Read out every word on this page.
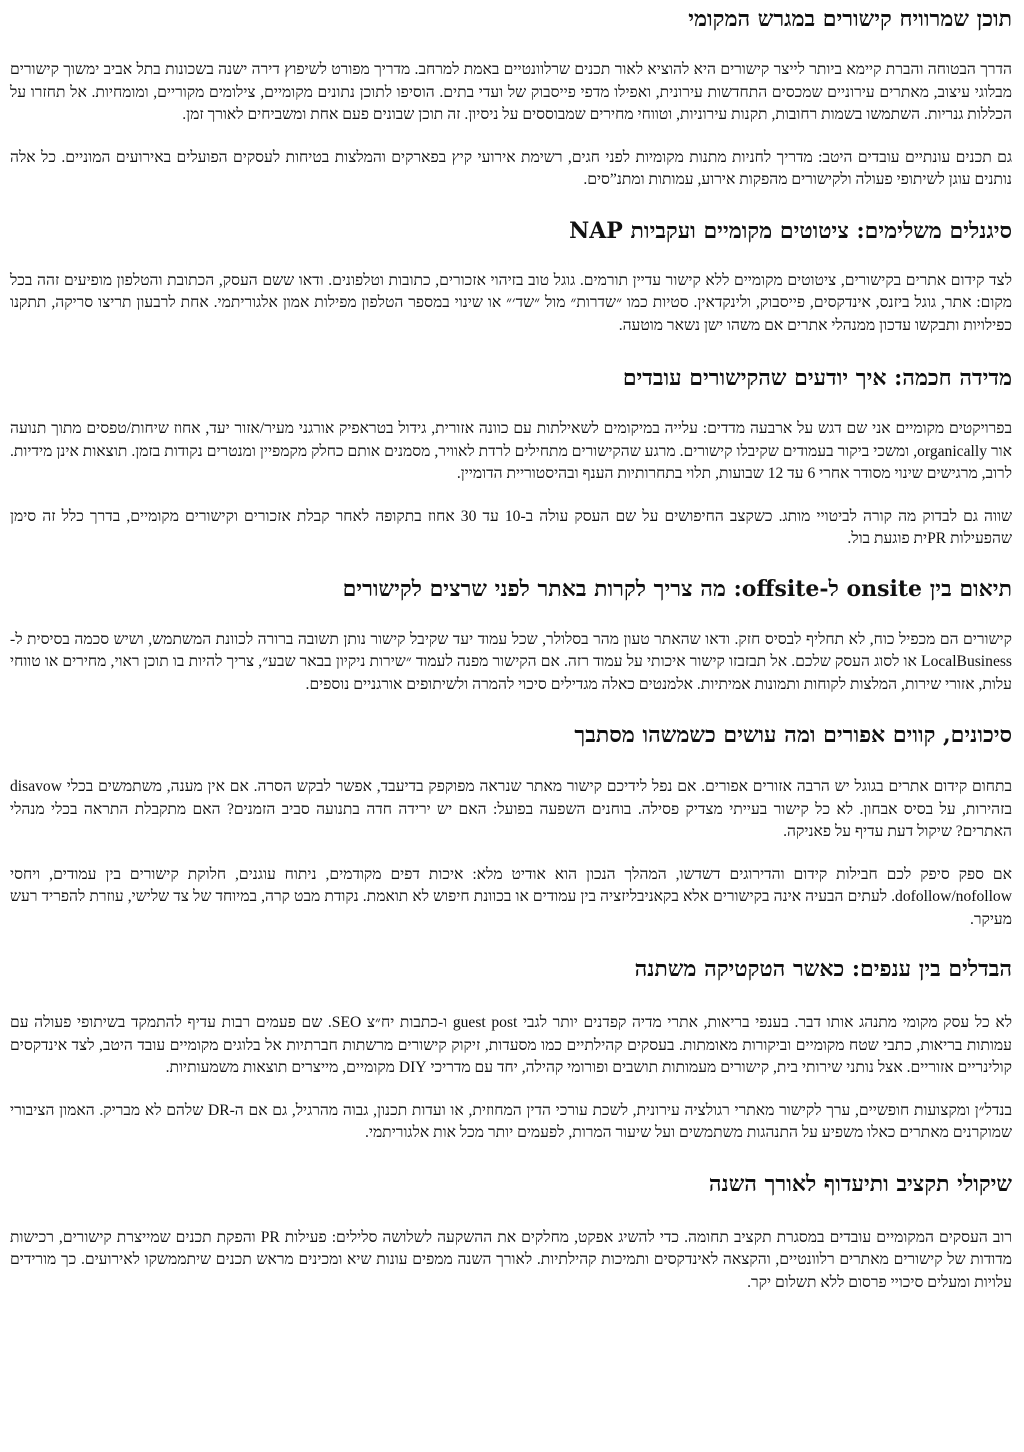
תוכן שמרוויח קישורים במגרש המקומי

הדרך הבטוחה והברת קיימא ביותר לייצר קישורים היא להוציא לאור תכנים שרלוונטיים באמת למרחב. מדריך מפורט לשיפוץ דירה ישנה בשכונות בתל אביב ימשוך קישורים מבלוגי עיצוב, מאתרים עירוניים שמכסים התחדשות עירונית, ואפילו מדפי פייסבוק של ועדי בתים. הוסיפו לתוכן נתונים מקומיים, צילומים מקוריים, ומומחיות. אל תחזרו על הכללות גנריות. השתמשו בשמות רחובות, תקנות עירוניות, וטווחי מחירים שמבוססים על ניסיון. זה תוכן שבונים פעם אחת ומשביחים לאורך זמן.

גם תכנים עונתיים עובדים היטב: מדריך לחניות מתנות מקומיות לפני חגים, רשימת אירועי קיץ בפארקים והמלצות בטיחות לעסקים הפועלים באירועים המוניים. כל אלה נותנים עוגן לשיתופי פעולה ולקישורים מהפקות אירוע, עמותות ומתנ”סים.

סיגנלים משלימים: ציטוטים מקומיים ועקביות NAP

לצד קידום אתרים בקישורים, ציטוטים מקומיים ללא קישור עדיין תורמים. גוגל טוב בזיהוי אזכורים, כתובות וטלפונים. ודאו ששם העסק, הכתובת והטלפון מופיעים זהה בכל מקום: אתר, גוגל ביזנס, אינדקסים, פייסבוק, ולינקדאין. סטיות כמו ״שדרות״ מול ״שד׳״ או שינוי במספר הטלפון מפילות אמון אלגוריתמי. אחת לרבעון תריצו סריקה, תתקנו כפילויות ותבקשו עדכון ממנהלי אתרים אם משהו ישן נשאר מוטעה.

מדידה חכמה: איך יודעים שהקישורים עובדים

בפרויקטים מקומיים אני שם דגש על ארבעה מדדים: עלייה במיקומים לשאילתות עם כוונה אזורית, גידול בטראפיק אורגני מעיר/אזור יעד, אחוז שיחות/טפסים מתוך תנועה אור organically, ומשכי ביקור בעמודים שקיבלו קישורים. מרגע שהקישורים מתחילים לרדת לאוויר, מסמנים אותם כחלק מקמפיין ומנטרים נקודות בזמן. תוצאות אינן מידיות. לרוב, מרגישים שינוי מסודר אחרי 6 עד 12 שבועות, תלוי בתחרותיות הענף ובהיסטוריית הדומיין.

שווה גם לבדוק מה קורה לביטויי מותג. כשקצב החיפושים על שם העסק עולה ב-10 עד 30 אחוז בתקופה לאחר קבלת אזכורים וקישורים מקומיים, בדרך כלל זה סימן שהפעילות PRית פוגעת בול.

תיאום בין onsite ל-offsite: מה צריך לקרות באתר לפני שרצים לקישורים

קישורים הם מכפיל כוח, לא תחליף לבסיס חזק. ודאו שהאתר טעון מהר בסלולר, שכל עמוד יעד שקיבל קישור נותן תשובה ברורה לכוונת המשתמש, ושיש סכמה בסיסית ל-LocalBusiness או לסוג העסק שלכם. אל תבזבזו קישור איכותי על עמוד רזה. אם הקישור מפנה לעמוד ״שירות ניקיון בבאר שבע״, צריך להיות בו תוכן ראוי, מחירים או טווחי עלות, אזורי שירות, המלצות לקוחות ותמונות אמיתיות. אלמנטים כאלה מגדילים סיכוי להמרה ולשיתופים אורגניים נוספים.

סיכונים, קווים אפורים ומה עושים כשמשהו מסתבך

בתחום קידום אתרים בגוגל יש הרבה אזורים אפורים. אם נפל לידיכם קישור מאתר שנראה מפוקפק בדיעבד, אפשר לבקש הסרה. אם אין מענה, משתמשים בכלי disavow בזהירות, על בסיס אבחון. לא כל קישור בעייתי מצדיק פסילה. בוחנים השפעה בפועל: האם יש ירידה חדה בתנועה סביב הזמנים? האם מתקבלת התראה בכלי מנהלי האתרים? שיקול דעת עדיף על פאניקה.

אם ספק סיפק לכם חבילות קידום והדירוגים דשדשו, המהלך הנכון הוא אודיט מלא: איכות דפים מקודמים, ניתוח עוגנים, חלוקת קישורים בין עמודים, ויחסי dofollow/nofollow. לעתים הבעיה אינה בקישורים אלא בקאניבליזציה בין עמודים או בכוונת חיפוש לא תואמת. נקודת מבט קרה, במיוחד של צד שלישי, עוזרת להפריד רעש מעיקר.

הבדלים בין ענפים: כאשר הטקטיקה משתנה

לא כל עסק מקומי מתנהג אותו דבר. בענפי בריאות, אתרי מדיה קפדנים יותר לגבי guest post ו-כתבות יח״צ SEO. שם פעמים רבות עדיף להתמקד בשיתופי פעולה עם עמותות בריאות, כתבי שטח מקומיים וביקורות מאומתות. בעסקים קהילתיים כמו מסעדות, זיקוק קישורים מרשתות חברתיות אל בלוגים מקומיים עובד היטב, לצד אינדקסים קולינריים אזוריים. אצל נותני שירותי בית, קישורים מעמותות תושבים ופורומי קהילה, יחד עם מדריכי DIY מקומיים, מייצרים תוצאות משמעותיות.

בנדל״ן ומקצועות חופשיים, ערך לקישור מאתרי רגולציה עירונית, לשכת עורכי הדין המחוזית, או ועדות תכנון, גבוה מהרגיל, גם אם ה-DR שלהם לא מבריק. האמון הציבורי שמוקרנים מאתרים כאלו משפיע על התנהגות משתמשים ועל שיעור המרות, לפעמים יותר מכל אות אלגוריתמי.

שיקולי תקציב ותיעדוף לאורך השנה

רוב העסקים המקומיים עובדים במסגרת תקציב תחומה. כדי להשיג אפקט, מחלקים את ההשקעה לשלושה סלילים: פעילות PR והפקת תכנים שמייצרת קישורים, רכישות מדודות של קישורים מאתרים רלוונטיים, והקצאה לאינדקסים ותמיכות קהילתיות. לאורך השנה ממפים עונות שיא ומכינים מראש תכנים שיתממשקו לאירועים. כך מורידים עלויות ומעלים סיכויי פרסום ללא תשלום יקר.
